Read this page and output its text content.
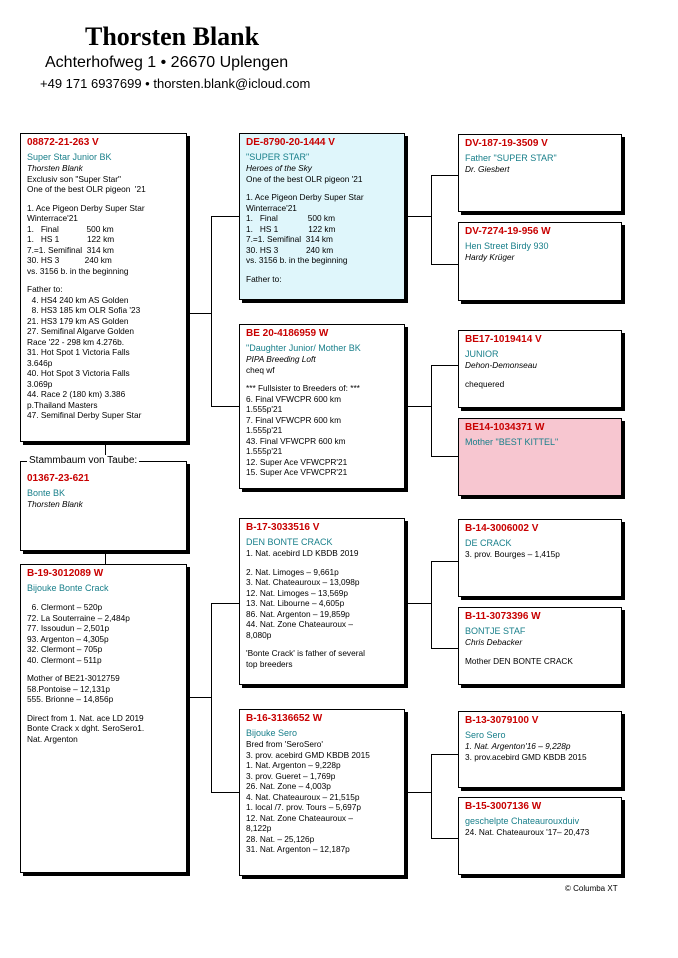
Thorsten Blank
Achterhofweg 1 • 26670 Uplengen
+49 171 6937699 • thorsten.blank@icloud.com
08872-21-263 V
Super Star Junior BK
Thorsten Blank
Exclusiv son "Super Star"
One of the best OLR pigeon  '21
1. Ace Pigeon Derby Super Star
Winterrace'21
1.   Final            500 km
1.   HS 1            122 km
7.=1. Semifinal  314 km
30. HS 3           240 km
vs. 3156 b. in the beginning
Father to:
4. HS4 240 km AS Golden
8. HS3 185 km OLR Sofia '23
21. HS3 179 km AS Golden
27. Semifinal Algarve Golden
Race '22 - 298 km 4.276b.
31. Hot Spot 1 Victoria Falls
3.646p
40. Hot Spot 3 Victoria Falls
3.069p
44. Race 2 (180 km) 3.386
p.Thailand Masters
47. Semifinal Derby Super Star
01367-23-621
Bonte BK
Thorsten Blank
Stammbaum von Taube:
B-19-3012089 W
Bijouke Bonte Crack
6. Clermont – 520p
72. La Souterraine – 2,484p
77. Issoudun – 2,501p
93. Argenton – 4,305p
32. Clermont – 705p
40. Clermont – 511p
Mother of BE21-3012759
58.Pontoise – 12,131p
555. Brionne – 14,856p
Direct from 1. Nat. ace LD 2019
Bonte Crack x dght. SeroSero1.
Nat. Argenton
DE-8790-20-1444 V
"SUPER STAR"
Heroes of the Sky
One of the best OLR pigeon '21
1. Ace Pigeon Derby Super Star
Winterrace'21
1.   Final             500 km
1.   HS 1             122 km
7.=1. Semifinal  314 km
30. HS 3            240 km
vs. 3156 b. in the beginning
Father to:
BE 20-4186959 W
"Daughter Junior/ Mother BK
PIPA Breeding Loft
cheq wf
*** Fullsister to Breeders of: ***
6. Final VFWCPR 600 km
1.555p'21
7. Final VFWCPR 600 km
1.555p'21
43. Final VFWCPR 600 km
1.555p'21
12. Super Ace VFWCPR'21
15. Super Ace VFWCPR'21
B-17-3033516 V
DEN BONTE CRACK
1. Nat. acebird LD KBDB 2019
2. Nat. Limoges – 9,661p
3. Nat. Chateauroux – 13,098p
12. Nat. Limoges – 13,569p
13. Nat. Libourne – 4,605p
86. Nat. Argenton – 19,859p
44. Nat. Zone Chateauroux –
8,080p
'Bonte Crack' is father of several
top breeders
B-16-3136652 W
Bijouke Sero
Bred from 'SeroSero'
3. prov. acebird GMD KBDB 2015
1. Nat. Argenton – 9,228p
3. prov. Gueret – 1,769p
26. Nat. Zone – 4,003p
4. Nat. Chateauroux – 21,515p
1. local /7. prov. Tours – 5,697p
12. Nat. Zone Chateauroux –
8,122p
28. Nat. – 25,126p
31. Nat. Argenton – 12,187p
DV-187-19-3509 V
Father "SUPER STAR"
Dr. Giesbert
DV-7274-19-956 W
Hen Street Birdy 930
Hardy Krüger
BE17-1019414 V
JUNIOR
Dehon-Demonseau
chequered
BE14-1034371 W
Mother "BEST KITTEL"
B-14-3006002 V
DE CRACK
3. prov. Bourges – 1,415p
B-11-3073396 W
BONTJE STAF
Chris Debacker
Mother DEN BONTE CRACK
B-13-3079100 V
Sero Sero
1. Nat. Argenton'16 – 9,228p
3. prov.acebird GMD KBDB 2015
B-15-3007136 W
geschelpte Chateaurouxduiv
24. Nat. Chateauroux '17– 20,473
© Columba XT
